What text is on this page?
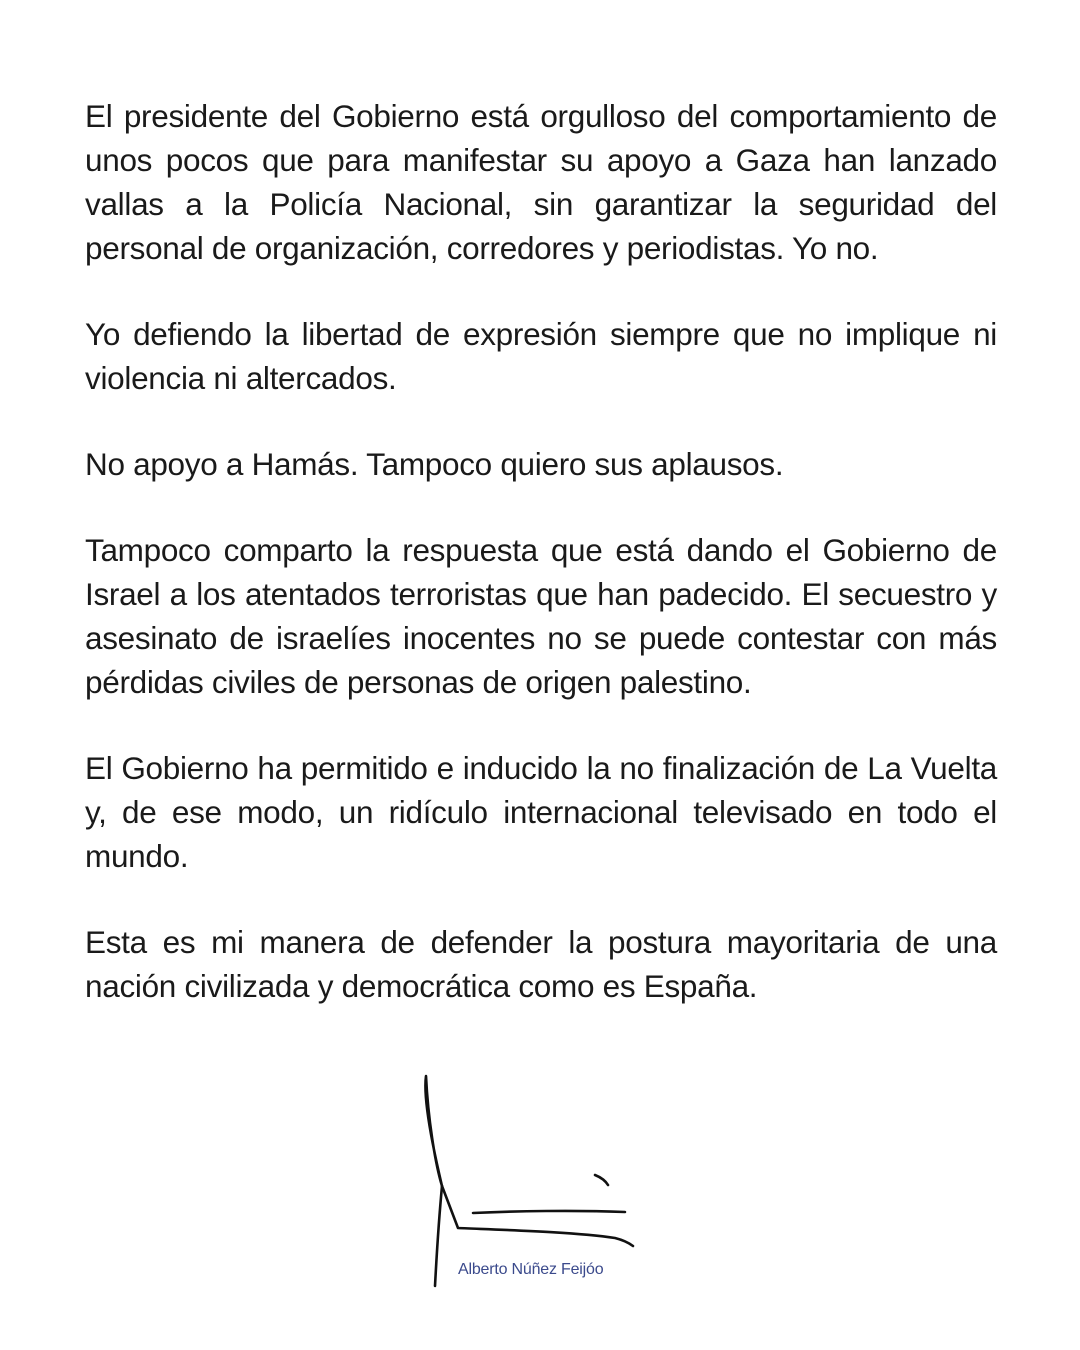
El presidente del Gobierno está orgulloso del comportamiento de unos pocos que para manifestar su apoyo a Gaza han lanzado vallas a la Policía Nacional, sin garantizar la seguridad del personal de organización, corredores y periodistas. Yo no.

Yo defiendo la libertad de expresión siempre que no implique ni violencia ni altercados.

No apoyo a Hamás. Tampoco quiero sus aplausos.

Tampoco comparto la respuesta que está dando el Gobierno de Israel a los atentados terroristas que han padecido. El secuestro y asesinato de israelíes inocentes no se puede contestar con más pérdidas civiles de personas de origen palestino.

El Gobierno ha permitido e inducido la no finalización de La Vuelta y, de ese modo, un ridículo internacional televisado en todo el mundo.

Esta es mi manera de defender la postura mayoritaria de una nación civilizada y democrática como es España.

Alberto Núñez Feijóo
